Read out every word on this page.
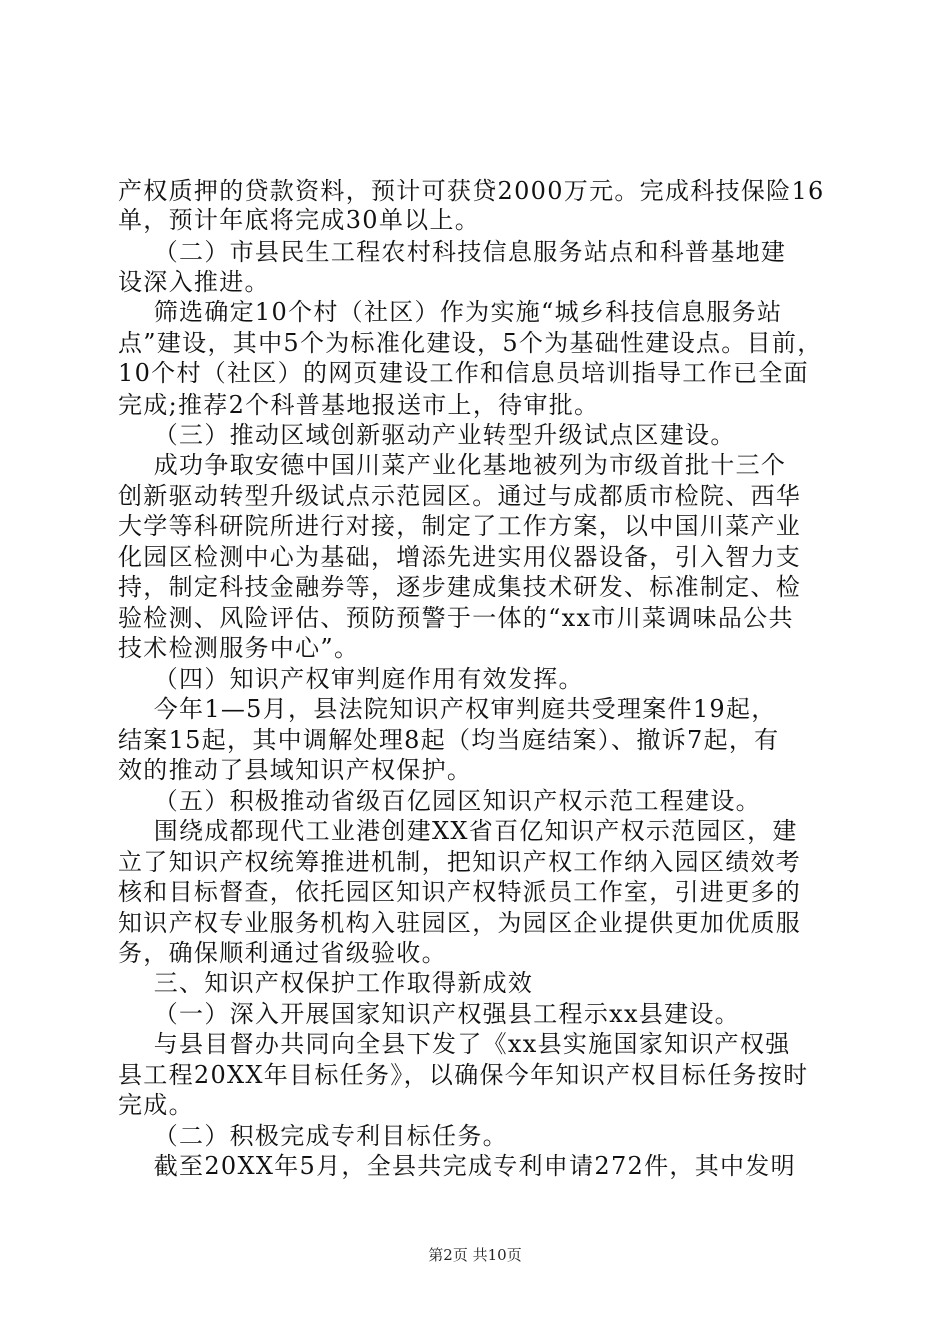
产权质押的贷款资料，预计可获贷2000万元。完成科技保险16
单，预计年底将完成30单以上。
（二）市县民生工程农村科技信息服务站点和科普基地建
设深入推进。
筛选确定10个村（社区）作为实施“城乡科技信息服务站
点”建设，其中5个为标准化建设，5个为基础性建设点。目前，
10个村（社区）的网页建设工作和信息员培训指导工作已全面
完成;推荐2个科普基地报送市上，待审批。
（三）推动区域创新驱动产业转型升级试点区建设。
成功争取安德中国川菜产业化基地被列为市级首批十三个
创新驱动转型升级试点示范园区。通过与成都质市检院、西华
大学等科研院所进行对接，制定了工作方案，以中国川菜产业
化园区检测中心为基础，增添先进实用仪器设备，引入智力支
持，制定科技金融券等，逐步建成集技术研发、标准制定、检
验检测、风险评估、预防预警于一体的“xx市川菜调味品公共
技术检测服务中心”。
（四）知识产权审判庭作用有效发挥。
今年1—5月，县法院知识产权审判庭共受理案件19起，
结案15起，其中调解处理8起（均当庭结案）、撤诉7起，有
效的推动了县域知识产权保护。
（五）积极推动省级百亿园区知识产权示范工程建设。
围绕成都现代工业港创建XX省百亿知识产权示范园区，建
立了知识产权统筹推进机制，把知识产权工作纳入园区绩效考
核和目标督查，依托园区知识产权特派员工作室，引进更多的
知识产权专业服务机构入驻园区，为园区企业提供更加优质服
务，确保顺利通过省级验收。
三、知识产权保护工作取得新成效
（一）深入开展国家知识产权强县工程示xx县建设。
与县目督办共同向全县下发了《xx县实施国家知识产权强
县工程20XX年目标任务》，以确保今年知识产权目标任务按时
完成。
（二）积极完成专利目标任务。
截至20XX年5月，全县共完成专利申请272件，其中发明
第2页 共10页
